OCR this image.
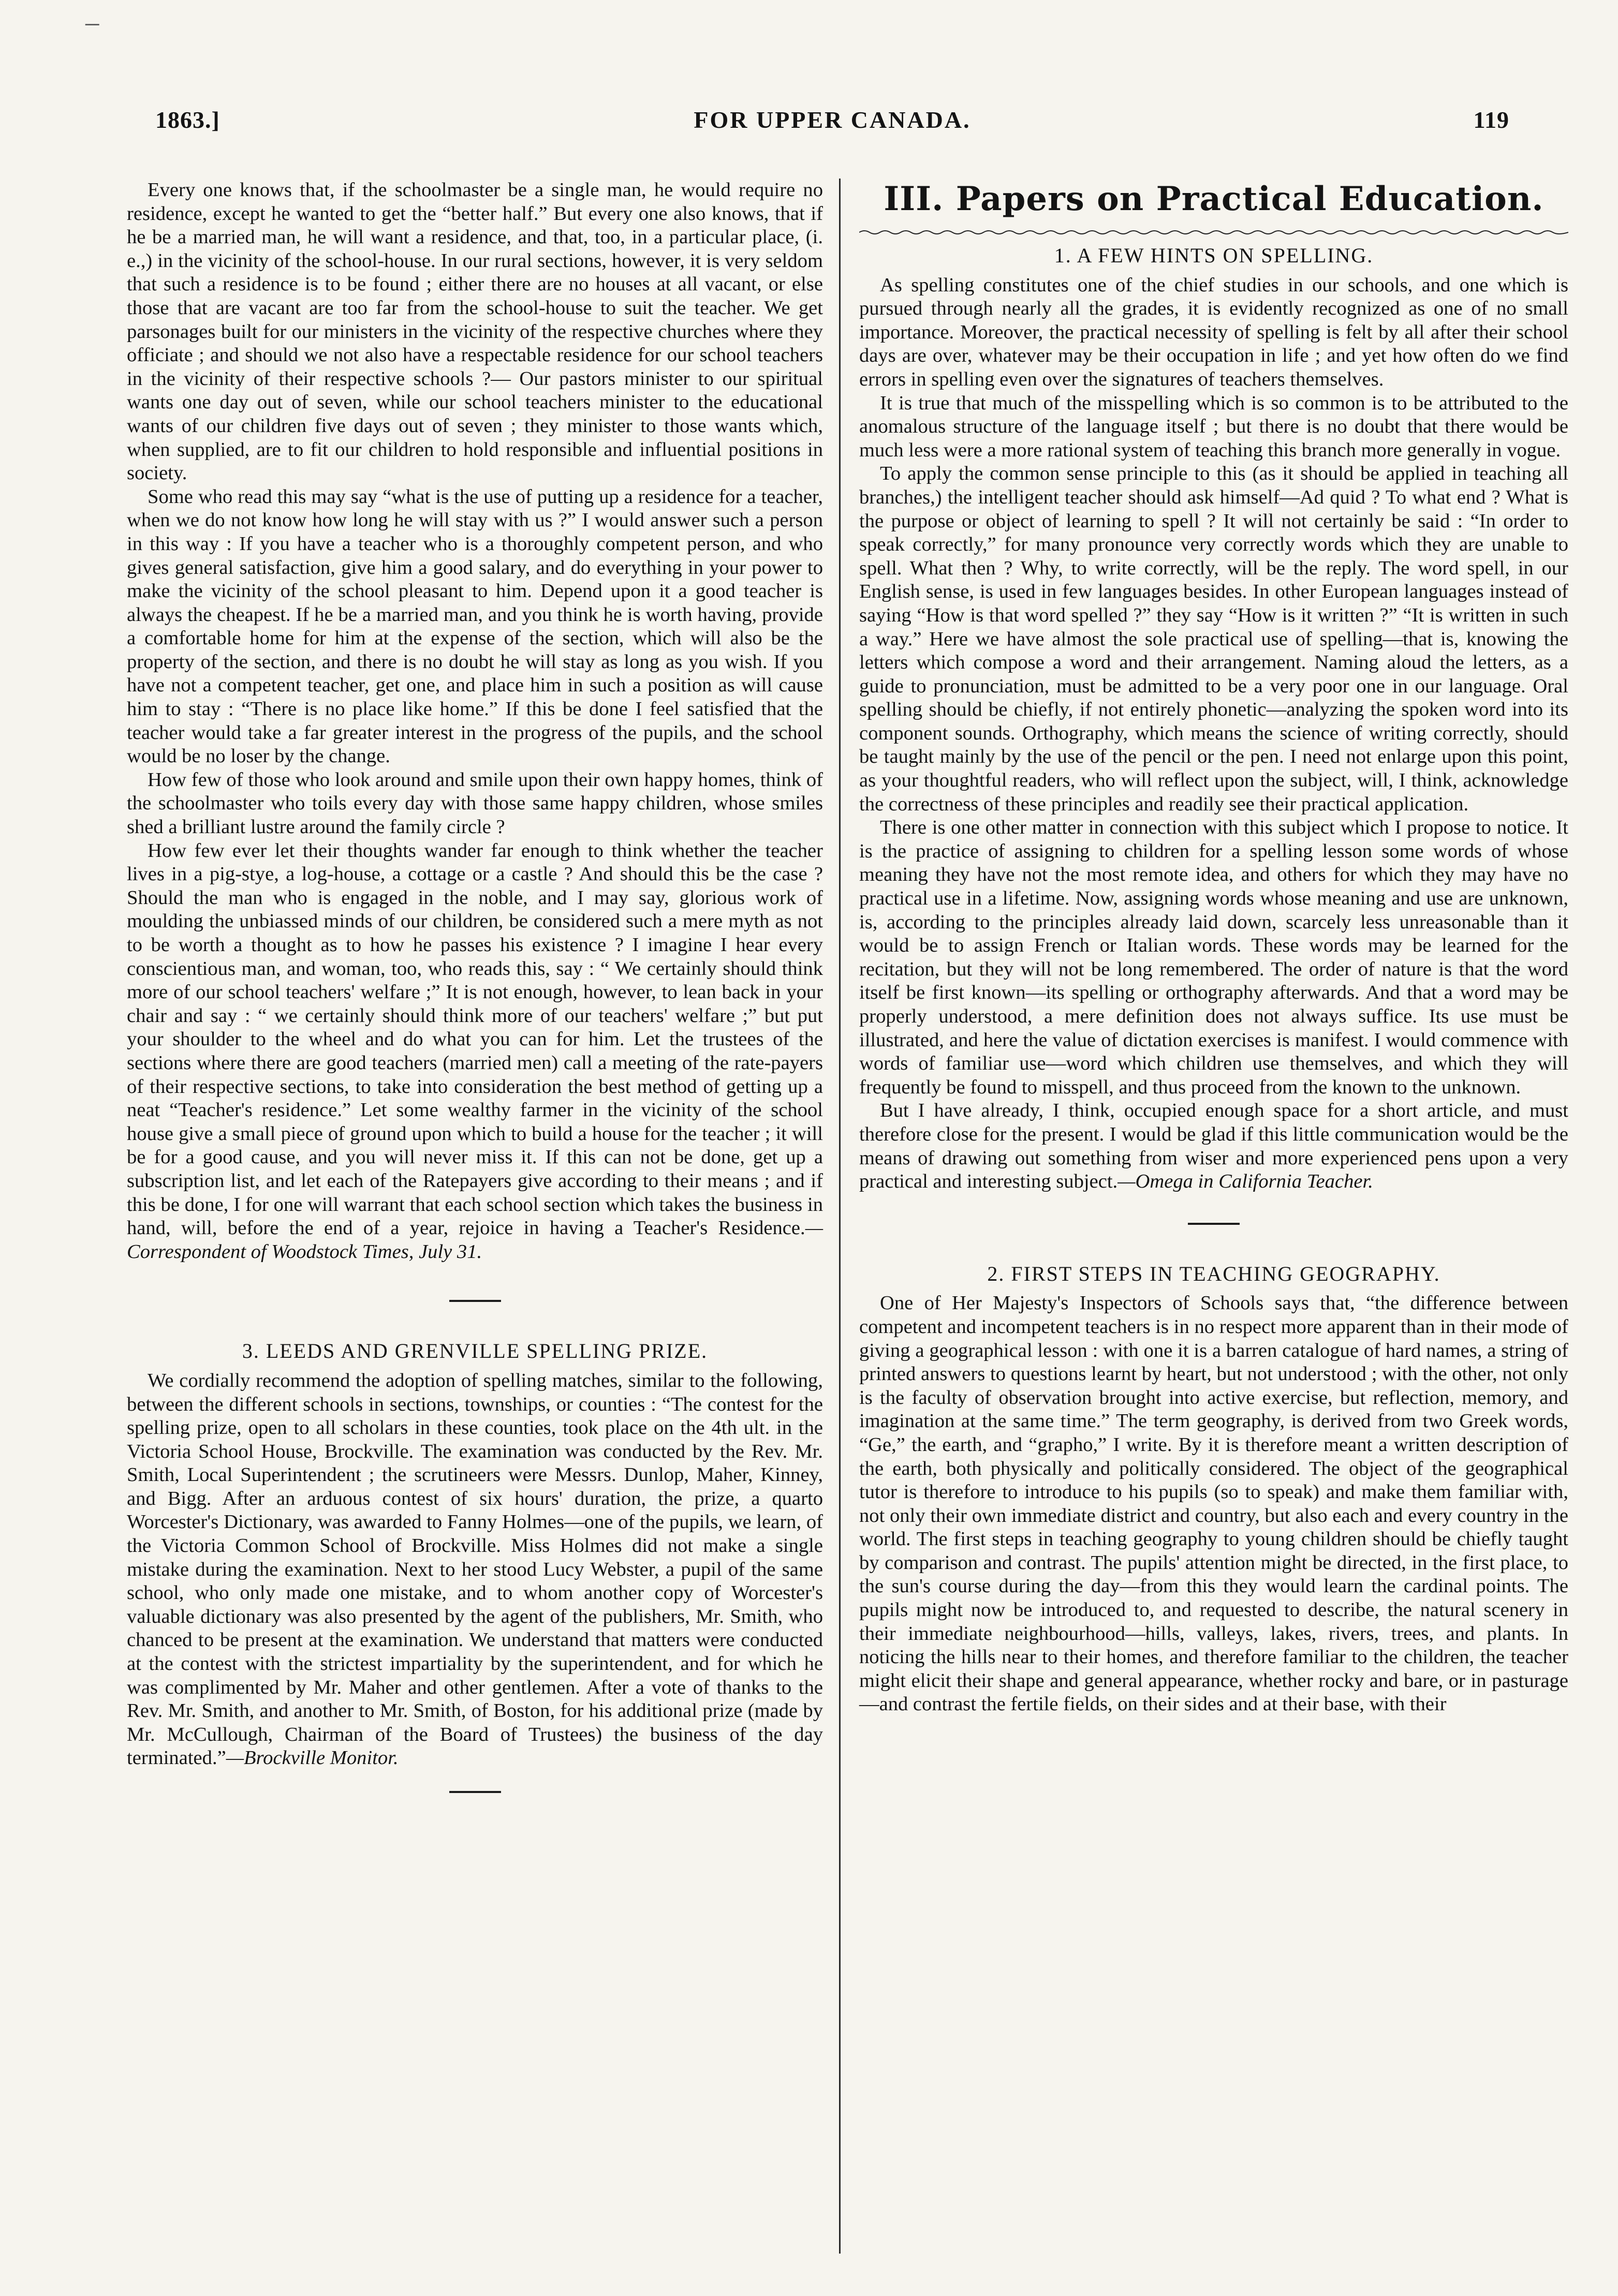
ـــ
1863.]	FOR UPPER CANADA.	119

Every one knows that, if the schoolmaster be a single man, he would require no residence, except he wanted to get the “better half.” But every one also knows, that if he be a married man, he will want a residence, and that, too, in a particular place, (i. e.,) in the vicinity of the school-house. In our rural sections, however, it is very seldom that such a residence is to be found ; either there are no houses at all vacant, or else those that are vacant are too far from the school-house to suit the teacher. We get parsonages built for our ministers in the vicinity of the respective churches where they officiate ; and should we not also have a respectable residence for our school teachers in the vicinity of their respective schools ?— Our pastors minister to our spiritual wants one day out of seven, while our school teachers minister to the educational wants of our children five days out of seven ; they minister to those wants which, when supplied, are to fit our children to hold responsible and influential positions in society.

Some who read this may say “what is the use of putting up a residence for a teacher, when we do not know how long he will stay with us ?” I would answer such a person in this way : If you have a teacher who is a thoroughly competent person, and who gives general satisfaction, give him a good salary, and do everything in your power to make the vicinity of the school pleasant to him. Depend upon it a good teacher is always the cheapest. If he be a married man, and you think he is worth having, provide a comfortable home for him at the expense of the section, which will also be the property of the section, and there is no doubt he will stay as long as you wish. If you have not a competent teacher, get one, and place him in such a position as will cause him to stay : “There is no place like home.” If this be done I feel satisfied that the teacher would take a far greater interest in the progress of the pupils, and the school would be no loser by the change.

How few of those who look around and smile upon their own happy homes, think of the schoolmaster who toils every day with those same happy children, whose smiles shed a brilliant lustre around the family circle ?

How few ever let their thoughts wander far enough to think whether the teacher lives in a pig-stye, a log-house, a cottage or a castle ? And should this be the case ? Should the man who is engaged in the noble, and I may say, glorious work of moulding the unbiassed minds of our children, be considered such a mere myth as not to be worth a thought as to how he passes his existence ? I imagine I hear every conscientious man, and woman, too, who reads this, say : “ We certainly should think more of our school teachers' welfare ;” It is not enough, however, to lean back in your chair and say : “ we certainly should think more of our teachers' welfare ;” but put your shoulder to the wheel and do what you can for him. Let the trustees of the sections where there are good teachers (married men) call a meeting of the rate-payers of their respective sections, to take into consideration the best method of getting up a neat “Teacher's residence.” Let some wealthy farmer in the vicinity of the school house give a small piece of ground upon which to build a house for the teacher ; it will be for a good cause, and you will never miss it. If this can not be done, get up a subscription list, and let each of the Ratepayers give according to their means ; and if this be done, I for one will warrant that each school section which takes the business in hand, will, before the end of a year, rejoice in having a Teacher's Residence.—Correspondent of Woodstock Times, July 31.

3. LEEDS AND GRENVILLE SPELLING PRIZE.

We cordially recommend the adoption of spelling matches, similar to the following, between the different schools in sections, townships, or counties : “The contest for the spelling prize, open to all scholars in these counties, took place on the 4th ult. in the Victoria School House, Brockville. The examination was conducted by the Rev. Mr. Smith, Local Superintendent ; the scrutineers were Messrs. Dunlop, Maher, Kinney, and Bigg. After an arduous contest of six hours' duration, the prize, a quarto Worcester's Dictionary, was awarded to Fanny Holmes—one of the pupils, we learn, of the Victoria Common School of Brockville. Miss Holmes did not make a single mistake during the examination. Next to her stood Lucy Webster, a pupil of the same school, who only made one mistake, and to whom another copy of Worcester's valuable dictionary was also presented by the agent of the publishers, Mr. Smith, who chanced to be present at the examination. We understand that matters were conducted at the contest with the strictest impartiality by the superintendent, and for which he was complimented by Mr. Maher and other gentlemen. After a vote of thanks to the Rev. Mr. Smith, and another to Mr. Smith, of Boston, for his additional prize (made by Mr. McCullough, Chairman of the Board of Trustees) the business of the day terminated.”—Brockville Monitor.

III. Papers on Practical Education.
1. A FEW HINTS ON SPELLING.

As spelling constitutes one of the chief studies in our schools, and one which is pursued through nearly all the grades, it is evidently recognized as one of no small importance. Moreover, the practical necessity of spelling is felt by all after their school days are over, whatever may be their occupation in life ; and yet how often do we find errors in spelling even over the signatures of teachers themselves.

It is true that much of the misspelling which is so common is to be attributed to the anomalous structure of the language itself ; but there is no doubt that there would be much less were a more rational system of teaching this branch more generally in vogue.

To apply the common sense principle to this (as it should be applied in teaching all branches,) the intelligent teacher should ask himself—Ad quid ? To what end ? What is the purpose or object of learning to spell ? It will not certainly be said : “In order to speak correctly,” for many pronounce very correctly words which they are unable to spell. What then ? Why, to write correctly, will be the reply. The word spell, in our English sense, is used in few languages besides. In other European languages instead of saying “How is that word spelled ?” they say “How is it written ?” “It is written in such a way.” Here we have almost the sole practical use of spelling—that is, knowing the letters which compose a word and their arrangement. Naming aloud the letters, as a guide to pronunciation, must be admitted to be a very poor one in our language. Oral spelling should be chiefly, if not entirely phonetic—analyzing the spoken word into its component sounds. Orthography, which means the science of writing correctly, should be taught mainly by the use of the pencil or the pen. I need not enlarge upon this point, as your thoughtful readers, who will reflect upon the subject, will, I think, acknowledge the correctness of these principles and readily see their practical application.

There is one other matter in connection with this subject which I propose to notice. It is the practice of assigning to children for a spelling lesson some words of whose meaning they have not the most remote idea, and others for which they may have no practical use in a lifetime. Now, assigning words whose meaning and use are unknown, is, according to the principles already laid down, scarcely less unreasonable than it would be to assign French or Italian words. These words may be learned for the recitation, but they will not be long remembered. The order of nature is that the word itself be first known—its spelling or orthography afterwards. And that a word may be properly understood, a mere definition does not always suffice. Its use must be illustrated, and here the value of dictation exercises is manifest. I would commence with words of familiar use—word which children use themselves, and which they will frequently be found to misspell, and thus proceed from the known to the unknown.

But I have already, I think, occupied enough space for a short article, and must therefore close for the present. I would be glad if this little communication would be the means of drawing out something from wiser and more experienced pens upon a very practical and interesting subject.—Omega in California Teacher.

2. FIRST STEPS IN TEACHING GEOGRAPHY.

One of Her Majesty's Inspectors of Schools says that, “the difference between competent and incompetent teachers is in no respect more apparent than in their mode of giving a geographical lesson : with one it is a barren catalogue of hard names, a string of printed answers to questions learnt by heart, but not understood ; with the other, not only is the faculty of observation brought into active exercise, but reflection, memory, and imagination at the same time.” The term geography, is derived from two Greek words, “Ge,” the earth, and “grapho,” I write. By it is therefore meant a written description of the earth, both physically and politically considered. The object of the geographical tutor is therefore to introduce to his pupils (so to speak) and make them familiar with, not only their own immediate district and country, but also each and every country in the world. The first steps in teaching geography to young children should be chiefly taught by comparison and contrast. The pupils' attention might be directed, in the first place, to the sun's course during the day—from this they would learn the cardinal points. The pupils might now be introduced to, and requested to describe, the natural scenery in their immediate neighbourhood—hills, valleys, lakes, rivers, trees, and plants. In noticing the hills near to their homes, and therefore familiar to the children, the teacher might elicit their shape and general appearance, whether rocky and bare, or in pasturage—and contrast the fertile fields, on their sides and at their base, with their
